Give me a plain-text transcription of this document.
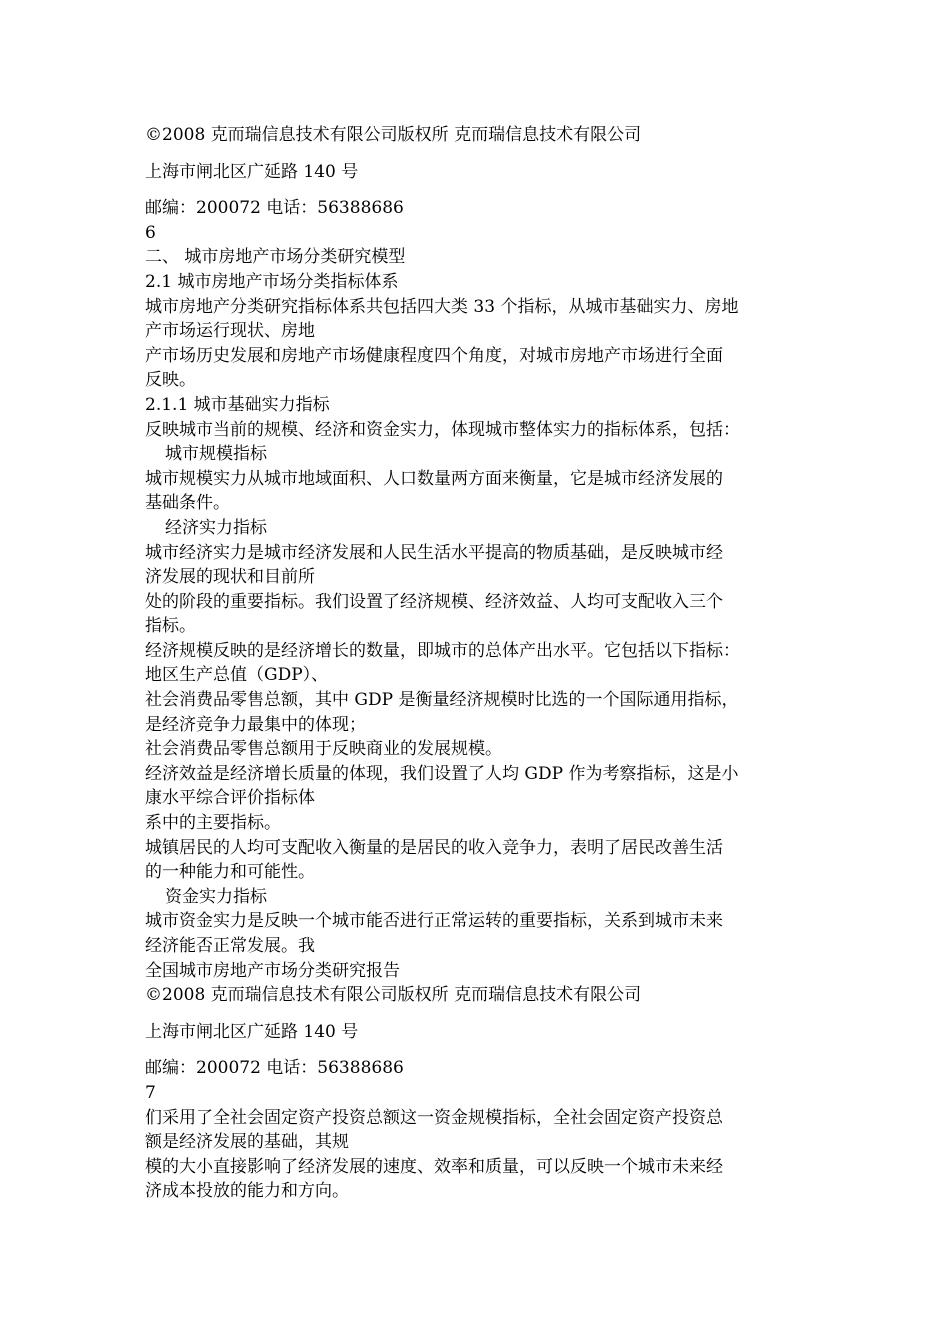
©2008 克而瑞信息技术有限公司版权所 克而瑞信息技术有限公司
上海市闸北区广延路 140 号
邮编：200072 电话：56388686
6
二、 城市房地产市场分类研究模型
2.1 城市房地产市场分类指标体系
城市房地产分类研究指标体系共包括四大类 33 个指标，从城市基础实力、房地
产市场运行现状、房地
产市场历史发展和房地产市场健康程度四个角度，对城市房地产市场进行全面
反映。
2.1.1 城市基础实力指标
反映城市当前的规模、经济和资金实力，体现城市整体实力的指标体系，包括：
城市规模指标
城市规模实力从城市地域面积、人口数量两方面来衡量，它是城市经济发展的
基础条件。
经济实力指标
城市经济实力是城市经济发展和人民生活水平提高的物质基础，是反映城市经
济发展的现状和目前所
处的阶段的重要指标。我们设置了经济规模、经济效益、人均可支配收入三个
指标。
经济规模反映的是经济增长的数量，即城市的总体产出水平。它包括以下指标：
地区生产总值（GDP）、
社会消费品零售总额，其中 GDP 是衡量经济规模时比选的一个国际通用指标，
是经济竞争力最集中的体现；
社会消费品零售总额用于反映商业的发展规模。
经济效益是经济增长质量的体现，我们设置了人均 GDP 作为考察指标，这是小
康水平综合评价指标体
系中的主要指标。
城镇居民的人均可支配收入衡量的是居民的收入竞争力，表明了居民改善生活
的一种能力和可能性。
资金实力指标
城市资金实力是反映一个城市能否进行正常运转的重要指标，关系到城市未来
经济能否正常发展。我
全国城市房地产市场分类研究报告
©2008 克而瑞信息技术有限公司版权所 克而瑞信息技术有限公司
上海市闸北区广延路 140 号
邮编：200072 电话：56388686
7
们采用了全社会固定资产投资总额这一资金规模指标，全社会固定资产投资总
额是经济发展的基础，其规
模的大小直接影响了经济发展的速度、效率和质量，可以反映一个城市未来经
济成本投放的能力和方向。
